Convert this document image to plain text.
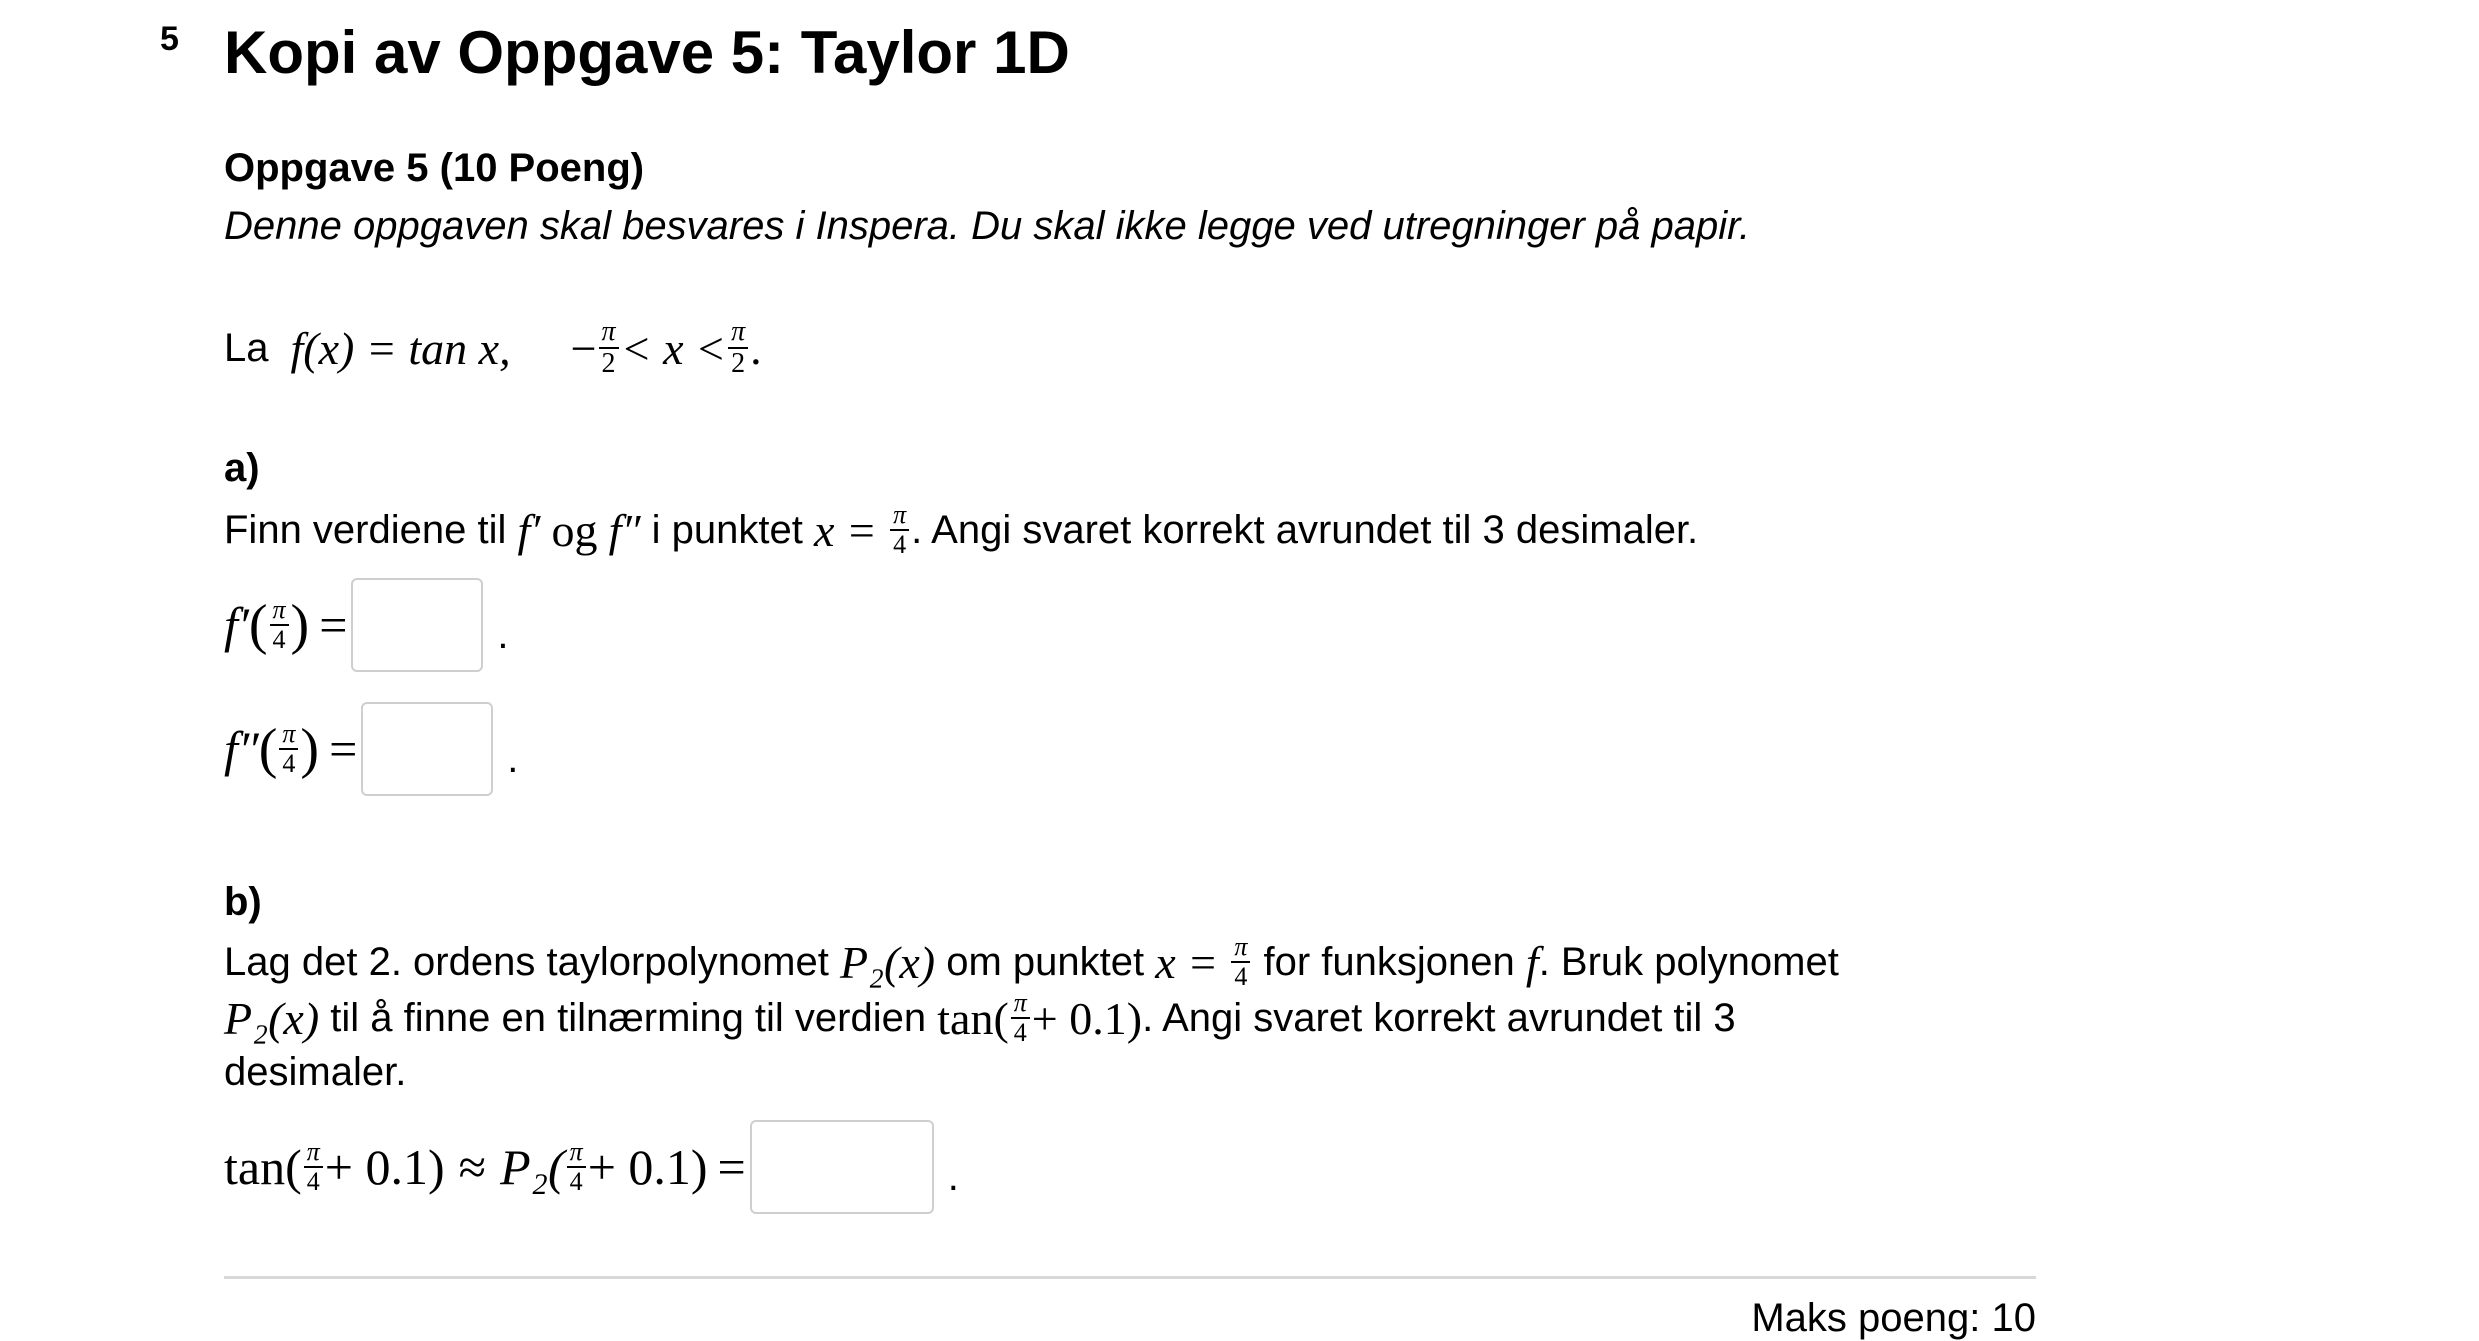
5 Kopi av Oppgave 5: Taylor 1D
Oppgave 5 (10 Poeng)
Denne oppgaven skal besvares i Inspera. Du skal ikke legge ved utregninger på papir.
La f(x) = tan x, − $\frac{\pi}{2} < x < \frac{\pi}{2}$ .
a)
Finn verdiene til
f′
og
f″
i punktet
x =
$\frac{\pi}{4}$ . Angi svaret korrekt avrundet til 3 desimaler.
f′ ( $\frac{\pi}{4}$ ) =	.
f″ ( $\frac{\pi}{4}$ ) =	.
b)
Lag det 2. ordens taylorpolynomet
P₂(x)
om punktet
x =
$\frac{\pi}{4}$
for funksjonen
f . Bruk polynomet
P₂(x)
til å finne en tilnærming til verdien
$\tan( \frac{\pi}{4} + 0.1)$ . Angi svaret korrekt avrundet til 3
desimaler.
$\tan( \frac{\pi}{4} + 0.1) \approx P_2( \frac{\pi}{4} + 0.1)$ =	.
Maks poeng: 10
